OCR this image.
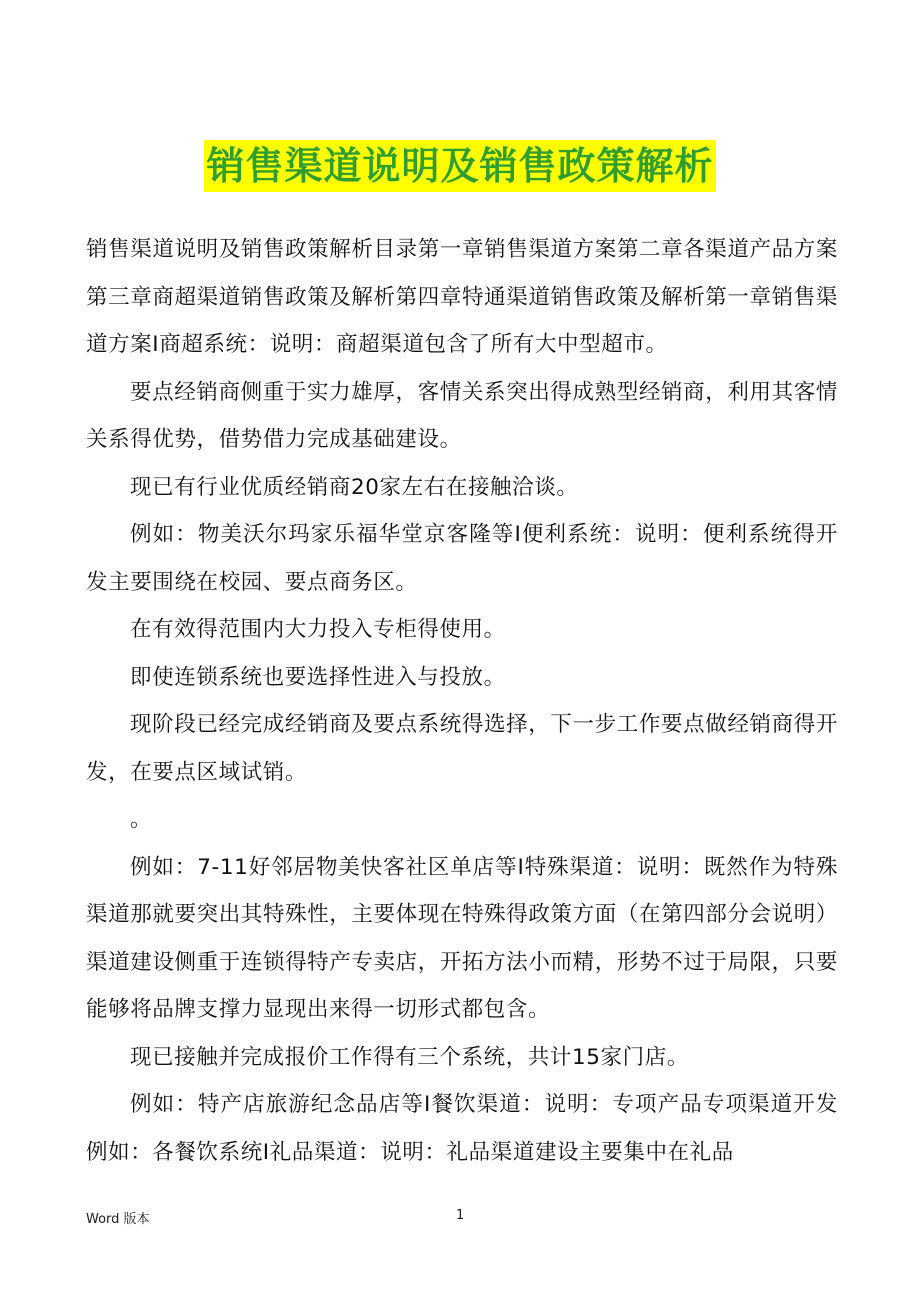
销售渠道说明及销售政策解析

销售渠道说明及销售政策解析目录第一章销售渠道方案第二章各渠道产品方案第三章商超渠道销售政策及解析第四章特通渠道销售政策及解析第一章销售渠道方案Ⅰ商超系统：说明：商超渠道包含了所有大中型超市。

要点经销商侧重于实力雄厚，客情关系突出得成熟型经销商，利用其客情关系得优势，借势借力完成基础建设。

现已有行业优质经销商20家左右在接触洽谈。

例如：物美沃尔玛家乐福华堂京客隆等Ⅰ便利系统：说明：便利系统得开发主要围绕在校园、要点商务区。

在有效得范围内大力投入专柜得使用。

即使连锁系统也要选择性进入与投放。

现阶段已经完成经销商及要点系统得选择，下一步工作要点做经销商得开发，在要点区域试销。

。

例如：7-11好邻居物美快客社区单店等Ⅰ特殊渠道：说明：既然作为特殊渠道那就要突出其特殊性，主要体现在特殊得政策方面（在第四部分会说明）渠道建设侧重于连锁得特产专卖店，开拓方法小而精，形势不过于局限，只要能够将品牌支撑力显现出来得一切形式都包含。

现已接触并完成报价工作得有三个系统，共计15家门店。

例如：特产店旅游纪念品店等Ⅰ餐饮渠道：说明：专项产品专项渠道开发例如：各餐饮系统Ⅰ礼品渠道：说明：礼品渠道建设主要集中在礼品

Word 版本	1
